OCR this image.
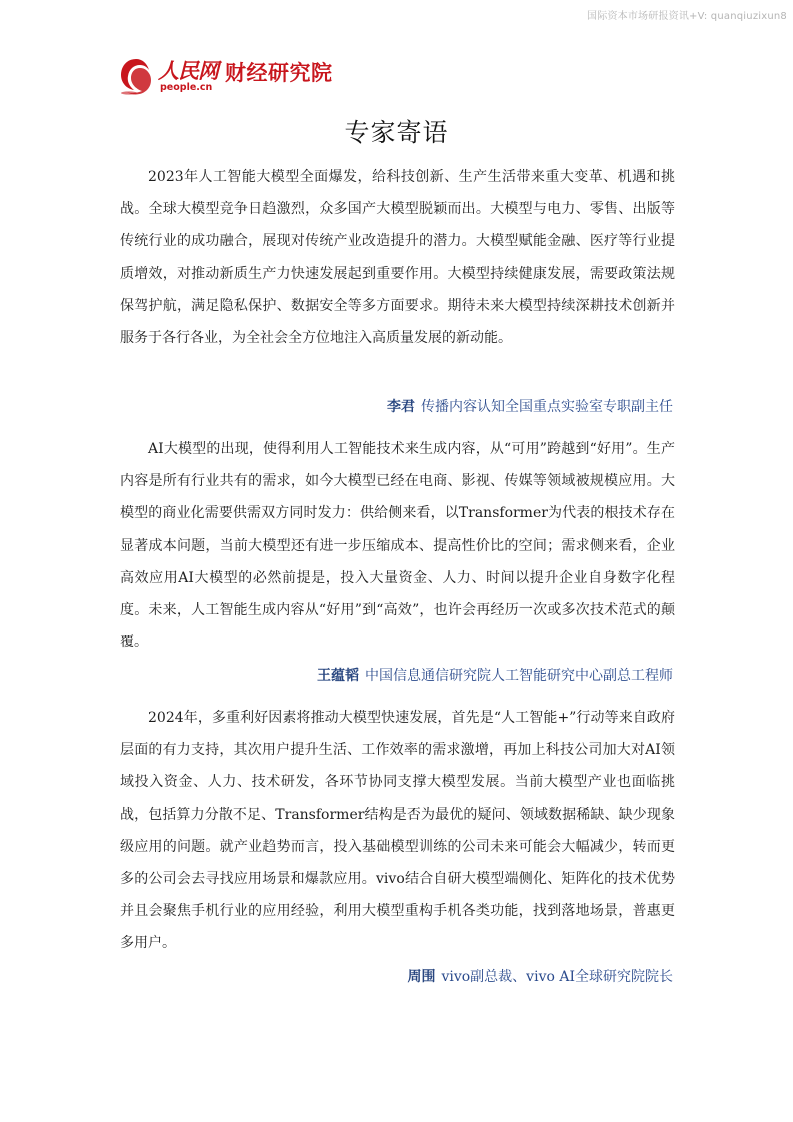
国际资本市场研报资讯+V: quanqiuzixun8
人民网
people.cn
财经研究院
专家寄语

2023年人工智能大模型全面爆发，给科技创新、生产生活带来重大变革、机遇和挑战。全球大模型竞争日趋激烈，众多国产大模型脱颖而出。大模型与电力、零售、出版等传统行业的成功融合，展现对传统产业改造提升的潜力。大模型赋能金融、医疗等行业提质增效，对推动新质生产力快速发展起到重要作用。大模型持续健康发展，需要政策法规保驾护航，满足隐私保护、数据安全等多方面要求。期待未来大模型持续深耕技术创新并服务于各行各业，为全社会全方位地注入高质量发展的新动能。

李君 传播内容认知全国重点实验室专职副主任

AI大模型的出现，使得利用人工智能技术来生成内容，从“可用”跨越到“好用”。生产内容是所有行业共有的需求，如今大模型已经在电商、影视、传媒等领域被规模应用。大模型的商业化需要供需双方同时发力：供给侧来看，以Transformer为代表的根技术存在显著成本问题，当前大模型还有进一步压缩成本、提高性价比的空间；需求侧来看，企业高效应用AI大模型的必然前提是，投入大量资金、人力、时间以提升企业自身数字化程度。未来，人工智能生成内容从“好用”到“高效”，也许会再经历一次或多次技术范式的颠覆。

王蕴韬 中国信息通信研究院人工智能研究中心副总工程师

2024年，多重利好因素将推动大模型快速发展，首先是“人工智能+”行动等来自政府层面的有力支持，其次用户提升生活、工作效率的需求激增，再加上科技公司加大对AI领域投入资金、人力、技术研发，各环节协同支撑大模型发展。当前大模型产业也面临挑战，包括算力分散不足、Transformer结构是否为最优的疑问、领域数据稀缺、缺少现象级应用的问题。就产业趋势而言，投入基础模型训练的公司未来可能会大幅减少，转而更多的公司会去寻找应用场景和爆款应用。vivo结合自研大模型端侧化、矩阵化的技术优势并且会聚焦手机行业的应用经验，利用大模型重构手机各类功能，找到落地场景，普惠更多用户。

周围 vivo副总裁、vivo AI全球研究院院长
